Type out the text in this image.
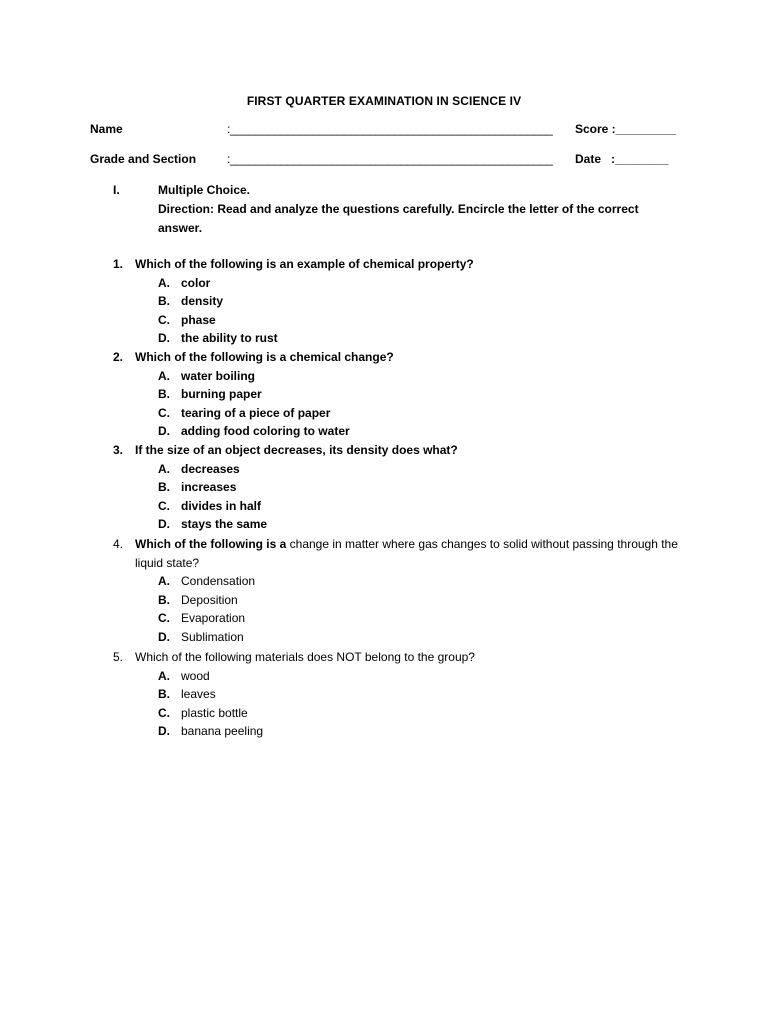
FIRST QUARTER EXAMINATION IN SCIENCE IV
Name	:___________________________________________________ Score :_________
Grade and Section	:___________________________________________________ Date   :________
I.	Multiple Choice.
Direction: Read and analyze the questions carefully. Encircle the letter of the correct answer.
1. Which of the following is an example of chemical property?
A. color
B. density
C. phase
D. the ability to rust
2. Which of the following is a chemical change?
A. water boiling
B. burning paper
C. tearing of a piece of paper
D. adding food coloring to water
3. If the size of an object decreases, its density does what?
A. decreases
B. increases
C. divides in half
D. stays the same
4. Which of the following is a change in matter where gas changes to solid without passing through the liquid state?
A. Condensation
B. Deposition
C. Evaporation
D. Sublimation
5. Which of the following materials does NOT belong to the group?
A. wood
B. leaves
C. plastic bottle
D. banana peeling
